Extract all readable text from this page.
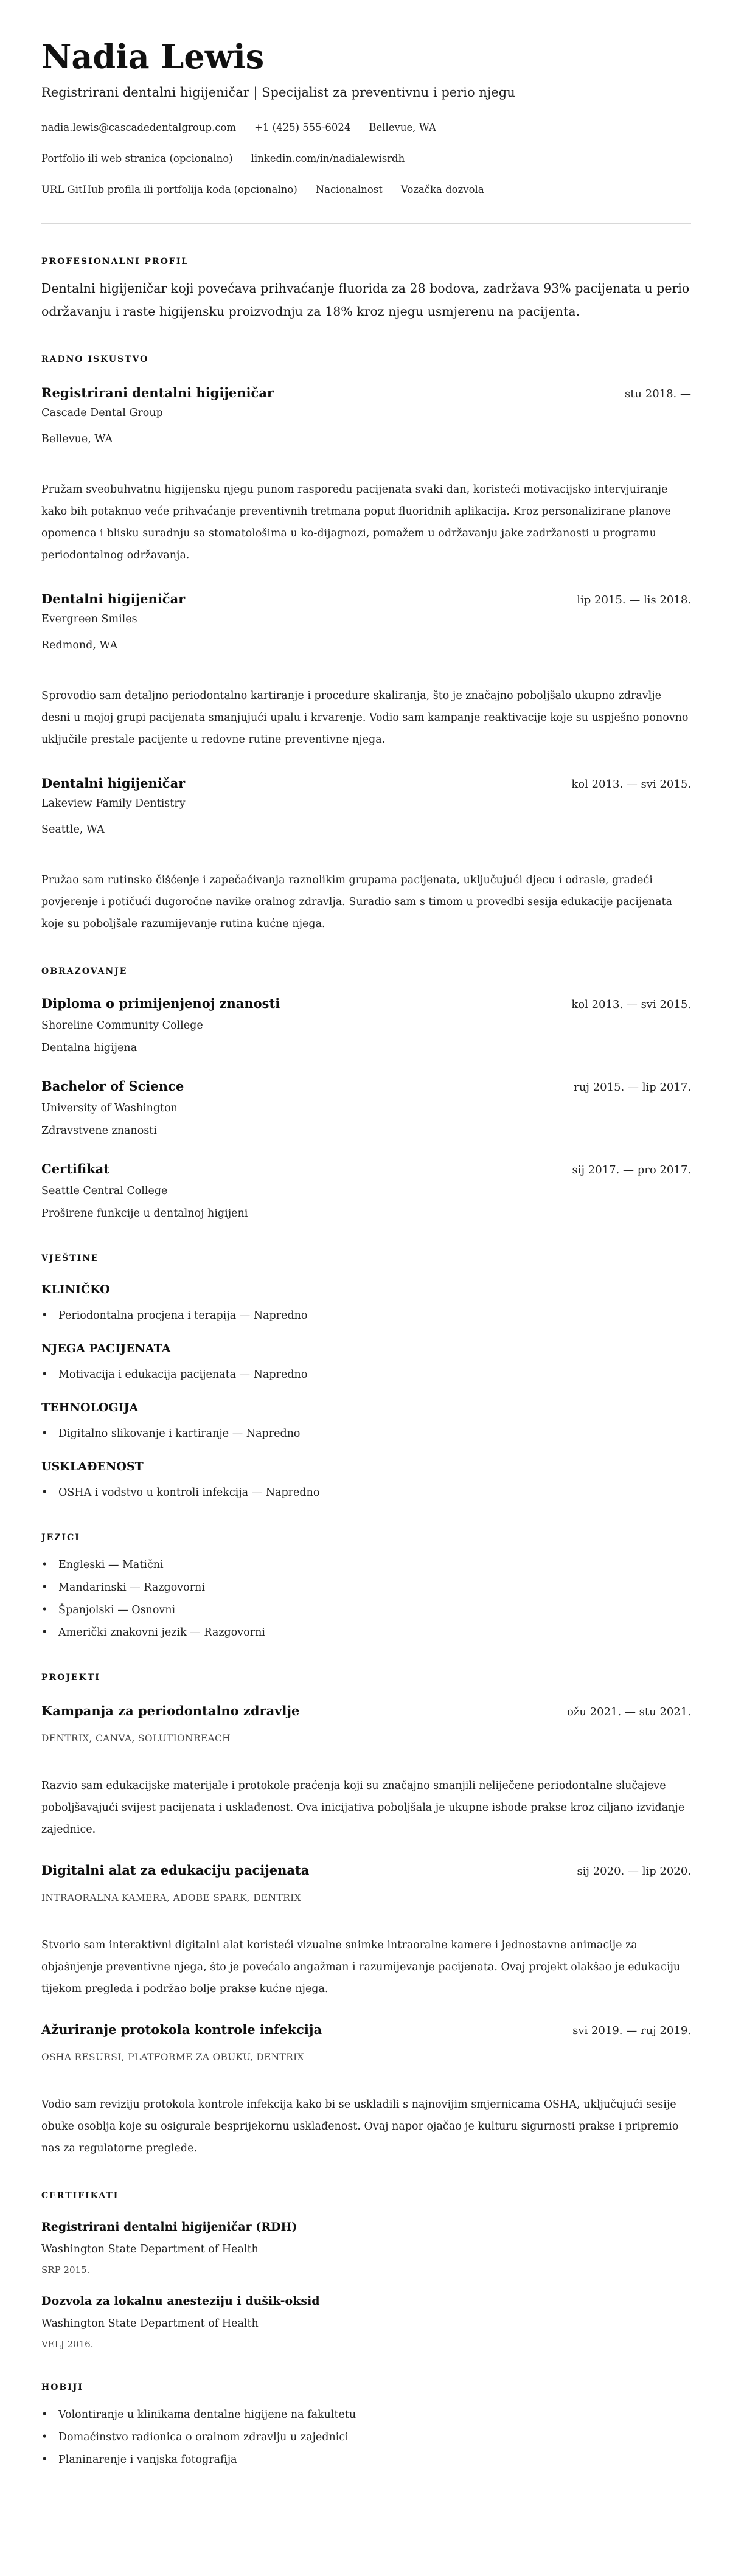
Nadia Lewis
Registrirani dentalni higijeničar | Specijalist za preventivnu i perio njegu
nadia.lewis@cascadedentalgroup.com +1 (425) 555-6024 Bellevue, WA
Portfolio ili web stranica (opcionalno) linkedin.com/in/nadialewisrdh
URL GitHub profila ili portfolija koda (opcionalno) Nacionalnost Vozačka dozvola
PROFESIONALNI PROFIL

Dentalni higijeničar koji povećava prihvaćanje fluorida za 28 bodova, zadržava 93% pacijenata u perio održavanju i raste higijensku proizvodnju za 18% kroz njegu usmjerenu na pacijenta.

RADNO ISKUSTVO
Registrirani dentalni higijeničar	stu 2018. —
Cascade Dental Group
Bellevue, WA
Pružam sveobuhvatnu higijensku njegu punom rasporedu pacijenata svaki dan, koristeći motivacijsko intervjuiranje kako bih potaknuo veće prihvaćanje preventivnih tretmana poput fluoridnih aplikacija. Kroz personalizirane planove opomenca i blisku suradnju sa stomatološima u ko-dijagnozi, pomažem u održavanju jake zadržanosti u programu periodontalnog održavanja.
Dentalni higijeničar	lip 2015. — lis 2018.
Evergreen Smiles
Redmond, WA
Sprovodio sam detaljno periodontalno kartiranje i procedure skaliranja, što je značajno poboljšalo ukupno zdravlje desni u mojoj grupi pacijenata smanjujući upalu i krvarenje. Vodio sam kampanje reaktivacije koje su uspješno ponovno uključile prestale pacijente u redovne rutine preventivne njega.
Dentalni higijeničar	kol 2013. — svi 2015.
Lakeview Family Dentistry
Seattle, WA
Pružao sam rutinsko čišćenje i zapečaćivanja raznolikim grupama pacijenata, uključujući djecu i odrasle, gradeći povjerenje i potičući dugoročne navike oralnog zdravlja. Suradio sam s timom u provedbi sesija edukacije pacijenata koje su poboljšale razumijevanje rutina kućne njega.
OBRAZOVANJE
Diploma o primijenjenoj znanosti	kol 2013. — svi 2015.
Shoreline Community College
Dentalna higijena
Bachelor of Science	ruj 2015. — lip 2017.
University of Washington
Zdravstvene znanosti
Certifikat	sij 2017. — pro 2017.
Seattle Central College
Proširene funkcije u dentalnoj higijeni
VJEŠTINE
KLINIČKO
• Periodontalna procjena i terapija — Napredno
NJEGA PACIJENATA
• Motivacija i edukacija pacijenata — Napredno
TEHNOLOGIJA
• Digitalno slikovanje i kartiranje — Napredno
USKLAĐENOST
• OSHA i vodstvo u kontroli infekcija — Napredno
JEZICI
• Engleski — Matični
• Mandarinski — Razgovorni
• Španjolski — Osnovni
• Američki znakovni jezik — Razgovorni
PROJEKTI
Kampanja za periodontalno zdravlje	ožu 2021. — stu 2021.
DENTRIX, CANVA, SOLUTIONREACH
Razvio sam edukacijske materijale i protokole praćenja koji su značajno smanjili neliječene periodontalne slučajeve poboljšavajući svijest pacijenata i usklađenost. Ova inicijativa poboljšala je ukupne ishode prakse kroz ciljano izviđanje zajednice.
Digitalni alat za edukaciju pacijenata	sij 2020. — lip 2020.
INTRAORALNA KAMERA, ADOBE SPARK, DENTRIX
Stvorio sam interaktivni digitalni alat koristeći vizualne snimke intraoralne kamere i jednostavne animacije za objašnjenje preventivne njega, što je povećalo angažman i razumijevanje pacijenata. Ovaj projekt olakšao je edukaciju tijekom pregleda i podržao bolje prakse kućne njega.
Ažuriranje protokola kontrole infekcija	svi 2019. — ruj 2019.
OSHA RESURSI, PLATFORME ZA OBUKU, DENTRIX
Vodio sam reviziju protokola kontrole infekcija kako bi se uskladili s najnovijim smjernicama OSHA, uključujući sesije obuke osoblja koje su osigurale besprijekornu usklađenost. Ovaj napor ojačao je kulturu sigurnosti prakse i pripremio nas za regulatorne preglede.
CERTIFIKATI
Registrirani dentalni higijeničar (RDH)
Washington State Department of Health
SRP 2015.
Dozvola za lokalnu anesteziju i dušik-oksid
Washington State Department of Health
VELJ 2016.
HOBIJI
• Volontiranje u klinikama dentalne higijene na fakultetu
• Domaćinstvo radionica o oralnom zdravlju u zajednici
• Planinarenje i vanjska fotografija
